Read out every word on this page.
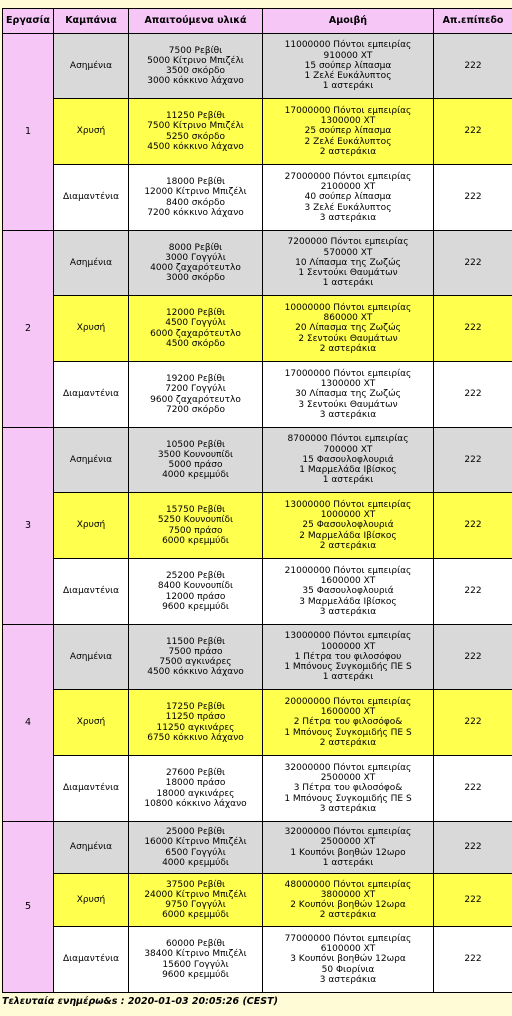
Εργασία	Καμπάνια	Απαιτούμενα υλικά	Αμοιβή	Απ.επίπεδο
1	Ασημένια	7500 Ρεβίθι
5000 Κίτρινο Μπιζέλι
3500 σκόρδο
3000 κόκκινο λάχανο	11000000 Πόντοι εμπειρίας
910000 ΧΤ
15 σούπερ λίπασμα
1 Ζελέ Ευκάλυπτος
1 αστεράκι	222
	Χρυσή	11250 Ρεβίθι
7500 Κίτρινο Μπιζέλι
5250 σκόρδο
4500 κόκκινο λάχανο	17000000 Πόντοι εμπειρίας
1300000 ΧΤ
25 σούπερ λίπασμα
2 Ζελέ Ευκάλυπτος
2 αστεράκια	222
	Διαμαντένια	18000 Ρεβίθι
12000 Κίτρινο Μπιζέλι
8400 σκόρδο
7200 κόκκινο λάχανο	27000000 Πόντοι εμπειρίας
2100000 ΧΤ
40 σούπερ λίπασμα
3 Ζελέ Ευκάλυπτος
3 αστεράκια	222
2	Ασημένια	8000 Ρεβίθι
3000 Γογγύλι
4000 ζαχαρότευτλο
3000 σκόρδο	7200000 Πόντοι εμπειρίας
570000 ΧΤ
10 Λίπασμα της Ζωζώς
1 Σεντούκι Θαυμάτων
1 αστεράκι	222
	Χρυσή	12000 Ρεβίθι
4500 Γογγύλι
6000 ζαχαρότευτλο
4500 σκόρδο	10000000 Πόντοι εμπειρίας
860000 ΧΤ
20 Λίπασμα της Ζωζώς
2 Σεντούκι Θαυμάτων
2 αστεράκια	222
	Διαμαντένια	19200 Ρεβίθι
7200 Γογγύλι
9600 ζαχαρότευτλο
7200 σκόρδο	17000000 Πόντοι εμπειρίας
1300000 ΧΤ
30 Λίπασμα της Ζωζώς
3 Σεντούκι Θαυμάτων
3 αστεράκια	222
3	Ασημένια	10500 Ρεβίθι
3500 Κουνουπίδι
5000 πράσο
4000 κρεμμύδι	8700000 Πόντοι εμπειρίας
700000 ΧΤ
15 Φασουλοφλουριά
1 Μαρμελάδα Ιβίσκος
1 αστεράκι	222
	Χρυσή	15750 Ρεβίθι
5250 Κουνουπίδι
7500 πράσο
6000 κρεμμύδι	13000000 Πόντοι εμπειρίας
1000000 ΧΤ
25 Φασουλοφλουριά
2 Μαρμελάδα Ιβίσκος
2 αστεράκια	222
	Διαμαντένια	25200 Ρεβίθι
8400 Κουνουπίδι
12000 πράσο
9600 κρεμμύδι	21000000 Πόντοι εμπειρίας
1600000 ΧΤ
35 Φασουλοφλουριά
3 Μαρμελάδα Ιβίσκος
3 αστεράκια	222
4	Ασημένια	11500 Ρεβίθι
7500 πράσο
7500 αγκινάρες
4500 κόκκινο λάχανο	13000000 Πόντοι εμπειρίας
1000000 ΧΤ
1 Πέτρα του φιλοσόφου
1 Μπόνους Συγκομιδής ΠΕ S
1 αστεράκι	222
	Χρυσή	17250 Ρεβίθι
11250 πράσο
11250 αγκινάρες
6750 κόκκινο λάχανο	20000000 Πόντοι εμπειρίας
1600000 ΧΤ
2 Πέτρα του φιλοσόφο&
1 Μπόνους Συγκομιδής ΠΕ S
2 αστεράκια	222
	Διαμαντένια	27600 Ρεβίθι
18000 πράσο
18000 αγκινάρες
10800 κόκκινο λάχανο	32000000 Πόντοι εμπειρίας
2500000 ΧΤ
3 Πέτρα του φιλοσόφο&
1 Μπόνους Συγκομιδής ΠΕ S
3 αστεράκια	222
5	Ασημένια	25000 Ρεβίθι
16000 Κίτρινο Μπιζέλι
6500 Γογγύλι
4000 κρεμμύδι	32000000 Πόντοι εμπειρίας
2500000 ΧΤ
1 Κουπόνι βοηθών 12ωρο
1 αστεράκι	222
	Χρυσή	37500 Ρεβίθι
24000 Κίτρινο Μπιζέλι
9750 Γογγύλι
6000 κρεμμύδι	48000000 Πόντοι εμπειρίας
3800000 ΧΤ
2 Κουπόνι βοηθών 12ωρα
2 αστεράκια	222
	Διαμαντένια	60000 Ρεβίθι
38400 Κίτρινο Μπιζέλι
15600 Γογγύλι
9600 κρεμμύδι	77000000 Πόντοι εμπειρίας
6100000 ΧΤ
3 Κουπόνι βοηθών 12ωρα
50 Φιορίνια
3 αστεράκια	222
Τελευταία ενημέρω&s : 2020-01-03 20:05:26 (CEST)
